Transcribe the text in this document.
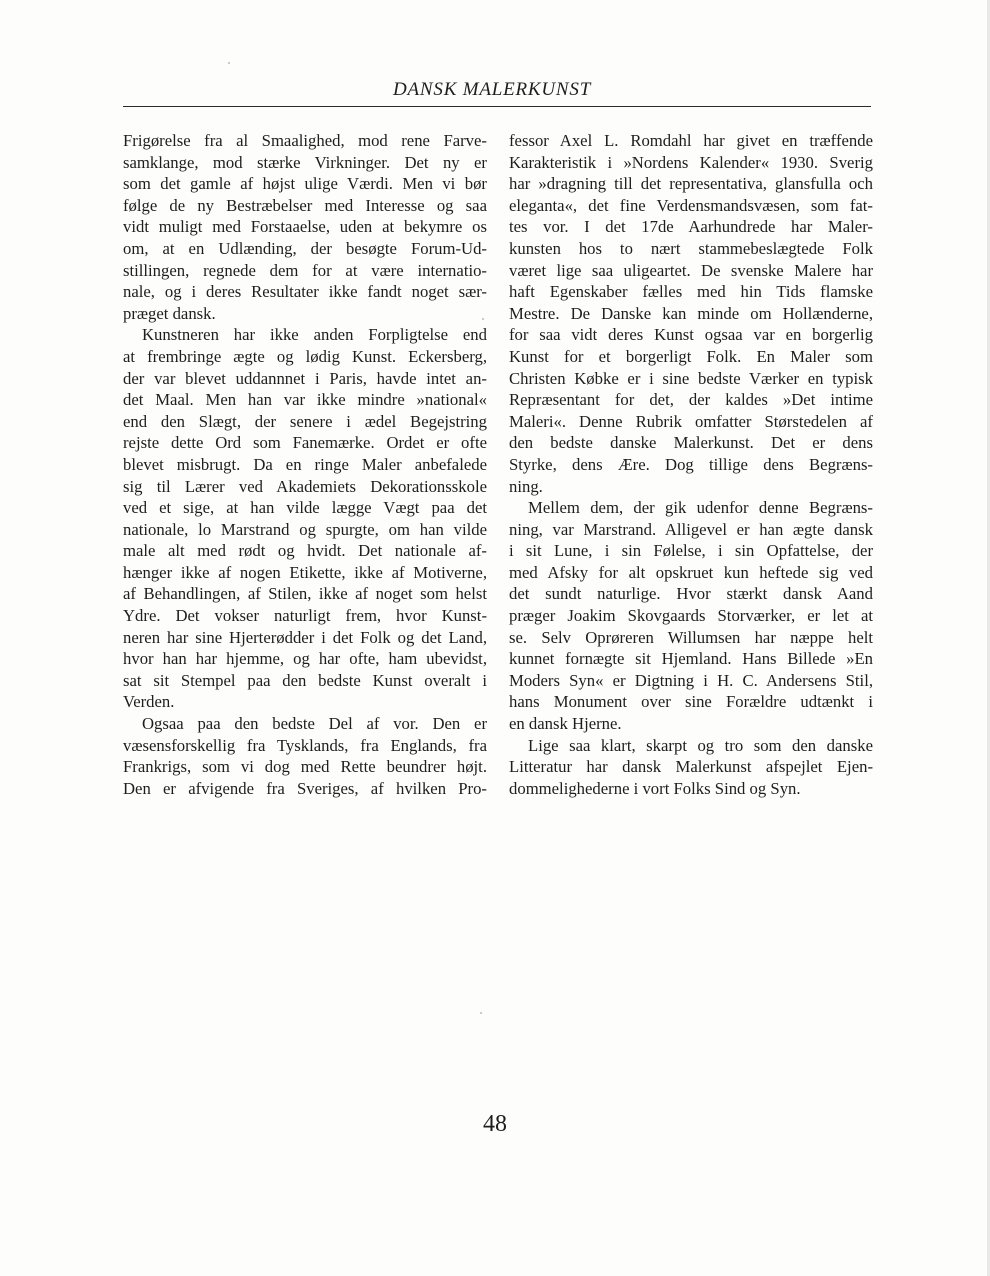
DANSK MALERKUNST
Frigørelse fra al Smaalighed, mod rene Farve-
samklange, mod stærke Virkninger. Det ny er
som det gamle af højst ulige Værdi. Men vi bør
følge de ny Bestræbelser med Interesse og saa
vidt muligt med Forstaaelse, uden at bekymre os
om, at en Udlænding, der besøgte Forum-Ud-
stillingen, regnede dem for at være internatio-
nale, og i deres Resultater ikke fandt noget sær-
præget dansk.
Kunstneren har ikke anden Forpligtelse end
at frembringe ægte og lødig Kunst. Eckersberg,
der var blevet uddannnet i Paris, havde intet an-
det Maal. Men han var ikke mindre »national«
end den Slægt, der senere i ædel Begejstring
rejste dette Ord som Fanemærke. Ordet er ofte
blevet misbrugt. Da en ringe Maler anbefalede
sig til Lærer ved Akademiets Dekorationsskole
ved et sige, at han vilde lægge Vægt paa det
nationale, lo Marstrand og spurgte, om han vilde
male alt med rødt og hvidt. Det nationale af-
hænger ikke af nogen Etikette, ikke af Motiverne,
af Behandlingen, af Stilen, ikke af noget som helst
Ydre. Det vokser naturligt frem, hvor Kunst-
neren har sine Hjerterødder i det Folk og det Land,
hvor han har hjemme, og har ofte, ham ubevidst,
sat sit Stempel paa den bedste Kunst overalt i
Verden.
Ogsaa paa den bedste Del af vor. Den er
væsensforskellig fra Tysklands, fra Englands, fra
Frankrigs, som vi dog med Rette beundrer højt.
Den er afvigende fra Sveriges, af hvilken Pro-
fessor Axel L. Romdahl har givet en træffende
Karakteristik i »Nordens Kalender« 1930. Sverig
har »dragning till det representativa, glansfulla och
eleganta«, det fine Verdensmandsvæsen, som fat-
tes vor. I det 17de Aarhundrede har Maler-
kunsten hos to nært stammebeslægtede Folk
været lige saa uligeartet. De svenske Malere har
haft Egenskaber fælles med hin Tids flamske
Mestre. De Danske kan minde om Hollænderne,
for saa vidt deres Kunst ogsaa var en borgerlig
Kunst for et borgerligt Folk. En Maler som
Christen Købke er i sine bedste Værker en typisk
Repræsentant for det, der kaldes »Det intime
Maleri«. Denne Rubrik omfatter Størstedelen af
den bedste danske Malerkunst. Det er dens
Styrke, dens Ære. Dog tillige dens Begræns-
ning.
Mellem dem, der gik udenfor denne Begræns-
ning, var Marstrand. Alligevel er han ægte dansk
i sit Lune, i sin Følelse, i sin Opfattelse, der
med Afsky for alt opskruet kun heftede sig ved
det sundt naturlige. Hvor stærkt dansk Aand
præger Joakim Skovgaards Storværker, er let at
se. Selv Oprøreren Willumsen har næppe helt
kunnet fornægte sit Hjemland. Hans Billede »En
Moders Syn« er Digtning i H. C. Andersens Stil,
hans Monument over sine Forældre udtænkt i
en dansk Hjerne.
Lige saa klart, skarpt og tro som den danske
Litteratur har dansk Malerkunst afspejlet Ejen-
dommelighederne i vort Folks Sind og Syn.
48
